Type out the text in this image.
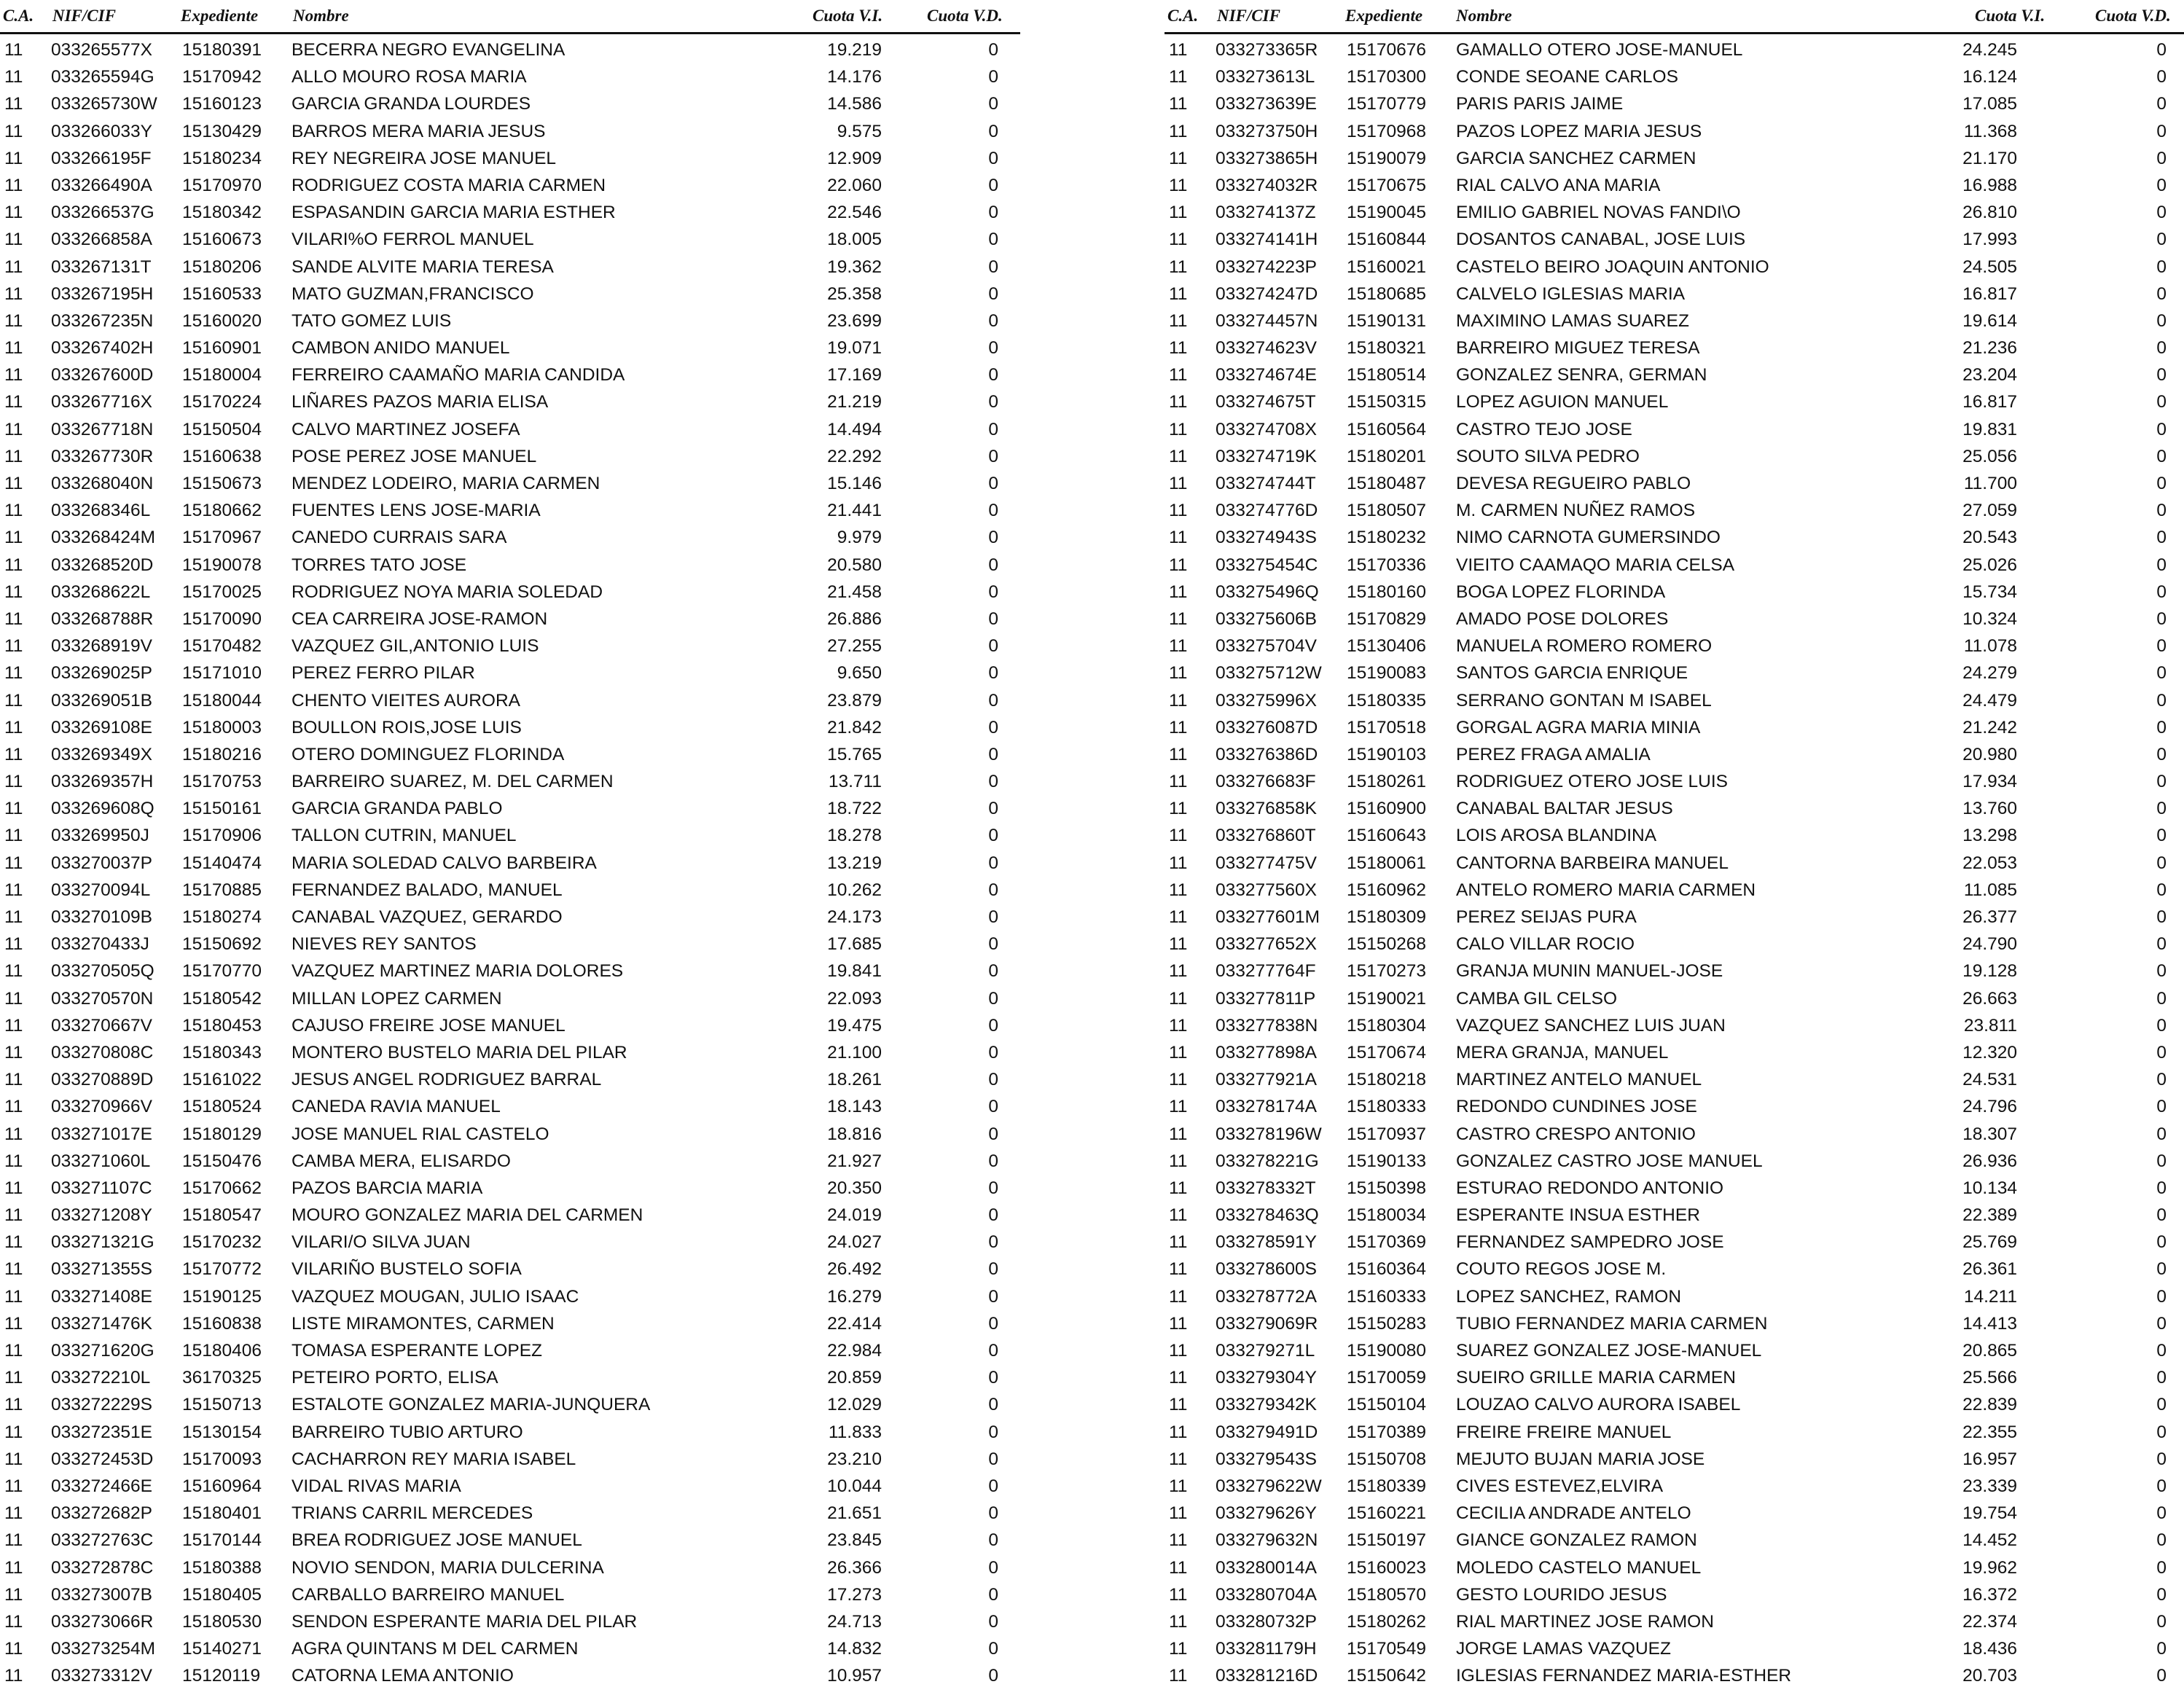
C.A. NIF/CIF	Expediente Nombre	Cuota V.I.	Cuota V.D.
11 033265577X 15180391 BECERRA NEGRO EVANGELINA	19.219	0
11 033265594G 15170942 ALLO MOURO ROSA MARIA	14.176	0
11 033265730W 15160123 GARCIA GRANDA LOURDES	14.586	0
11 033266033Y 15130429 BARROS MERA MARIA JESUS	9.575	0
11 033266195F 15180234 REY NEGREIRA JOSE MANUEL	12.909	0
11 033266490A 15170970 RODRIGUEZ COSTA MARIA CARMEN	22.060	0
11 033266537G 15180342 ESPASANDIN GARCIA MARIA ESTHER	22.546	0
11 033266858A 15160673 VILARI%O FERROL MANUEL	18.005	0
11 033267131T 15180206 SANDE ALVITE MARIA TERESA	19.362	0
11 033267195H 15160533 MATO GUZMAN,FRANCISCO	25.358	0
11 033267235N 15160020 TATO GOMEZ LUIS	23.699	0
11 033267402H 15160901 CAMBON ANIDO MANUEL	19.071	0
11 033267600D 15180004 FERREIRO CAAMAÑO MARIA CANDIDA	17.169	0
11 033267716X 15170224 LIÑARES PAZOS MARIA ELISA	21.219	0
11 033267718N 15150504 CALVO MARTINEZ JOSEFA	14.494	0
11 033267730R 15160638 POSE PEREZ JOSE MANUEL	22.292	0
11 033268040N 15150673 MENDEZ LODEIRO, MARIA CARMEN	15.146	0
11 033268346L 15180662 FUENTES LENS JOSE-MARIA	21.441	0
11 033268424M 15170967 CANEDO CURRAIS SARA	9.979	0
11 033268520D 15190078 TORRES TATO JOSE	20.580	0
11 033268622L 15170025 RODRIGUEZ NOYA MARIA SOLEDAD	21.458	0
11 033268788R 15170090 CEA CARREIRA JOSE-RAMON	26.886	0
11 033268919V 15170482 VAZQUEZ GIL,ANTONIO LUIS	27.255	0
11 033269025P 15171010 PEREZ FERRO PILAR	9.650	0
11 033269051B 15180044 CHENTO VIEITES AURORA	23.879	0
11 033269108E 15180003 BOULLON ROIS,JOSE LUIS	21.842	0
11 033269349X 15180216 OTERO DOMINGUEZ FLORINDA	15.765	0
11 033269357H 15170753 BARREIRO SUAREZ, M. DEL CARMEN	13.711	0
11 033269608Q 15150161 GARCIA GRANDA PABLO	18.722	0
11 033269950J 15170906 TALLON CUTRIN, MANUEL	18.278	0
11 033270037P 15140474 MARIA SOLEDAD CALVO BARBEIRA	13.219	0
11 033270094L 15170885 FERNANDEZ BALADO, MANUEL	10.262	0
11 033270109B 15180274 CANABAL VAZQUEZ, GERARDO	24.173	0
11 033270433J 15150692 NIEVES REY SANTOS	17.685	0
11 033270505Q 15170770 VAZQUEZ MARTINEZ MARIA DOLORES	19.841	0
11 033270570N 15180542 MILLAN LOPEZ CARMEN	22.093	0
11 033270667V 15180453 CAJUSO FREIRE JOSE MANUEL	19.475	0
11 033270808C 15180343 MONTERO BUSTELO MARIA DEL PILAR	21.100	0
11 033270889D 15161022 JESUS ANGEL RODRIGUEZ BARRAL	18.261	0
11 033270966V 15180524 CANEDA RAVIA MANUEL	18.143	0
11 033271017E 15180129 JOSE MANUEL RIAL CASTELO	18.816	0
11 033271060L 15150476 CAMBA MERA, ELISARDO	21.927	0
11 033271107C 15170662 PAZOS BARCIA MARIA	20.350	0
11 033271208Y 15180547 MOURO GONZALEZ MARIA DEL CARMEN	24.019	0
11 033271321G 15170232 VILARI/O SILVA JUAN	24.027	0
11 033271355S 15170772 VILARIÑO BUSTELO SOFIA	26.492	0
11 033271408E 15190125 VAZQUEZ MOUGAN, JULIO ISAAC	16.279	0
11 033271476K 15160838 LISTE MIRAMONTES, CARMEN	22.414	0
11 033271620G 15180406 TOMASA ESPERANTE LOPEZ	22.984	0
11 033272210L 36170325 PETEIRO PORTO, ELISA	20.859	0
11 033272229S 15150713 ESTALOTE GONZALEZ MARIA-JUNQUERA	12.029	0
11 033272351E 15130154 BARREIRO TUBIO ARTURO	11.833	0
11 033272453D 15170093 CACHARRON REY MARIA ISABEL	23.210	0
11 033272466E 15160964 VIDAL RIVAS MARIA	10.044	0
11 033272682P 15180401 TRIANS CARRIL MERCEDES	21.651	0
11 033272763C 15170144 BREA RODRIGUEZ JOSE MANUEL	23.845	0
11 033272878C 15180388 NOVIO SENDON, MARIA DULCERINA	26.366	0
11 033273007B 15180405 CARBALLO BARREIRO MANUEL	17.273	0
11 033273066R 15180530 SENDON ESPERANTE MARIA DEL PILAR	24.713	0
11 033273254M 15140271 AGRA QUINTANS M DEL CARMEN	14.832	0
11 033273312V 15120119 CATORNA LEMA ANTONIO	10.957	0
C.A. NIF/CIF	Expediente Nombre	Cuota V.I.	Cuota V.D.
11 033273365R 15170676 GAMALLO OTERO JOSE-MANUEL	24.245	0
11 033273613L 15170300 CONDE SEOANE CARLOS	16.124	0
11 033273639E 15170779 PARIS PARIS JAIME	17.085	0
11 033273750H 15170968 PAZOS LOPEZ MARIA JESUS	11.368	0
11 033273865H 15190079 GARCIA SANCHEZ CARMEN	21.170	0
11 033274032R 15170675 RIAL CALVO ANA MARIA	16.988	0
11 033274137Z 15190045 EMILIO GABRIEL NOVAS FANDI\O	26.810	0
11 033274141H 15160844 DOSANTOS CANABAL, JOSE LUIS	17.993	0
11 033274223P 15160021 CASTELO BEIRO JOAQUIN ANTONIO	24.505	0
11 033274247D 15180685 CALVELO IGLESIAS MARIA	16.817	0
11 033274457N 15190131 MAXIMINO LAMAS SUAREZ	19.614	0
11 033274623V 15180321 BARREIRO MIGUEZ TERESA	21.236	0
11 033274674E 15180514 GONZALEZ SENRA, GERMAN	23.204	0
11 033274675T 15150315 LOPEZ AGUION MANUEL	16.817	0
11 033274708X 15160564 CASTRO TEJO JOSE	19.831	0
11 033274719K 15180201 SOUTO SILVA PEDRO	25.056	0
11 033274744T 15180487 DEVESA REGUEIRO PABLO	11.700	0
11 033274776D 15180507 M. CARMEN NUÑEZ RAMOS	27.059	0
11 033274943S 15180232 NIMO CARNOTA GUMERSINDO	20.543	0
11 033275454C 15170336 VIEITO CAAMAQO MARIA CELSA	25.026	0
11 033275496Q 15180160 BOGA LOPEZ FLORINDA	15.734	0
11 033275606B 15170829 AMADO POSE DOLORES	10.324	0
11 033275704V 15130406 MANUELA ROMERO ROMERO	11.078	0
11 033275712W 15190083 SANTOS GARCIA ENRIQUE	24.279	0
11 033275996X 15180335 SERRANO GONTAN M ISABEL	24.479	0
11 033276087D 15170518 GORGAL AGRA MARIA MINIA	21.242	0
11 033276386D 15190103 PEREZ FRAGA AMALIA	20.980	0
11 033276683F 15180261 RODRIGUEZ OTERO JOSE LUIS	17.934	0
11 033276858K 15160900 CANABAL BALTAR JESUS	13.760	0
11 033276860T 15160643 LOIS AROSA BLANDINA	13.298	0
11 033277475V 15180061 CANTORNA BARBEIRA MANUEL	22.053	0
11 033277560X 15160962 ANTELO ROMERO MARIA CARMEN	11.085	0
11 033277601M 15180309 PEREZ SEIJAS PURA	26.377	0
11 033277652X 15150268 CALO VILLAR ROCIO	24.790	0
11 033277764F 15170273 GRANJA MUNIN MANUEL-JOSE	19.128	0
11 033277811P 15190021 CAMBA GIL CELSO	26.663	0
11 033277838N 15180304 VAZQUEZ SANCHEZ LUIS JUAN	23.811	0
11 033277898A 15170674 MERA GRANJA, MANUEL	12.320	0
11 033277921A 15180218 MARTINEZ ANTELO MANUEL	24.531	0
11 033278174A 15180333 REDONDO CUNDINES JOSE	24.796	0
11 033278196W 15170937 CASTRO CRESPO ANTONIO	18.307	0
11 033278221G 15190133 GONZALEZ CASTRO JOSE MANUEL	26.936	0
11 033278332T 15150398 ESTURAO REDONDO ANTONIO	10.134	0
11 033278463Q 15180034 ESPERANTE INSUA ESTHER	22.389	0
11 033278591Y 15170369 FERNANDEZ SAMPEDRO JOSE	25.769	0
11 033278600S 15160364 COUTO REGOS JOSE M.	26.361	0
11 033278772A 15160333 LOPEZ SANCHEZ, RAMON	14.211	0
11 033279069R 15150283 TUBIO FERNANDEZ MARIA CARMEN	14.413	0
11 033279271L 15190080 SUAREZ GONZALEZ JOSE-MANUEL	20.865	0
11 033279304Y 15170059 SUEIRO GRILLE MARIA CARMEN	25.566	0
11 033279342K 15150104 LOUZAO CALVO AURORA ISABEL	22.839	0
11 033279491D 15170389 FREIRE FREIRE MANUEL	22.355	0
11 033279543S 15150708 MEJUTO BUJAN MARIA JOSE	16.957	0
11 033279622W 15180339 CIVES ESTEVEZ,ELVIRA	23.339	0
11 033279626Y 15160221 CECILIA ANDRADE ANTELO	19.754	0
11 033279632N 15150197 GIANCE GONZALEZ RAMON	14.452	0
11 033280014A 15160023 MOLEDO CASTELO MANUEL	19.962	0
11 033280704A 15180570 GESTO LOURIDO JESUS	16.372	0
11 033280732P 15180262 RIAL MARTINEZ JOSE RAMON	22.374	0
11 033281179H 15170549 JORGE LAMAS VAZQUEZ	18.436	0
11 033281216D 15150642 IGLESIAS FERNANDEZ MARIA-ESTHER	20.703	0
